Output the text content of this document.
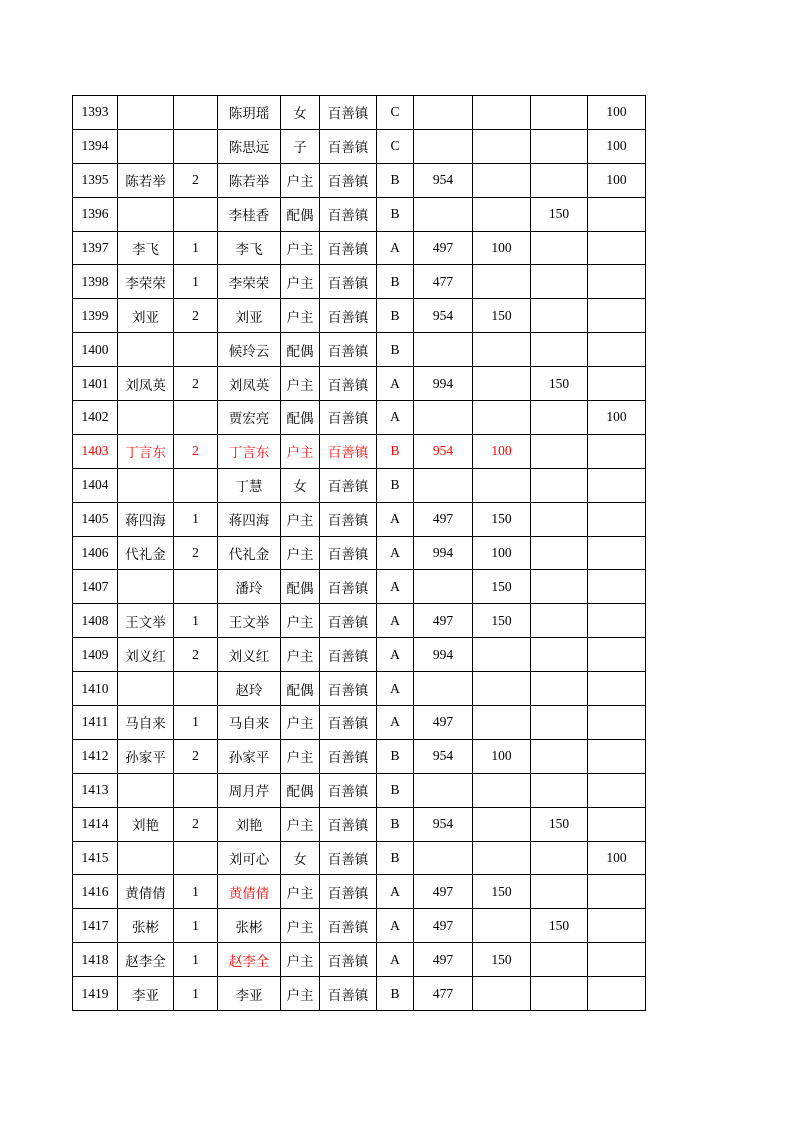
1393			陈玥瑶	女	百善镇	C				100
1394			陈思远	子	百善镇	C				100
1395	陈若举	2	陈若举	户主	百善镇	B	954			100
1396			李桂香	配偶	百善镇	B			150	
1397	李飞	1	李飞	户主	百善镇	A	497	100		
1398	李荣荣	1	李荣荣	户主	百善镇	B	477			
1399	刘亚	2	刘亚	户主	百善镇	B	954	150		
1400			候玲云	配偶	百善镇	B				
1401	刘凤英	2	刘凤英	户主	百善镇	A	994		150	
1402			贾宏亮	配偶	百善镇	A				100
1403	丁言东	2	丁言东	户主	百善镇	B	954	100		
1404			丁慧	女	百善镇	B				
1405	蒋四海	1	蒋四海	户主	百善镇	A	497	150		
1406	代礼金	2	代礼金	户主	百善镇	A	994	100		
1407			潘玲	配偶	百善镇	A		150		
1408	王文举	1	王文举	户主	百善镇	A	497	150		
1409	刘义红	2	刘义红	户主	百善镇	A	994			
1410			赵玲	配偶	百善镇	A				
1411	马自来	1	马自来	户主	百善镇	A	497			
1412	孙家平	2	孙家平	户主	百善镇	B	954	100		
1413			周月芹	配偶	百善镇	B				
1414	刘艳	2	刘艳	户主	百善镇	B	954		150	
1415			刘可心	女	百善镇	B				100
1416	黄倩倩	1	黄倩倩	户主	百善镇	A	497	150		
1417	张彬	1	张彬	户主	百善镇	A	497		150	
1418	赵李全	1	赵李全	户主	百善镇	A	497	150		
1419	李亚	1	李亚	户主	百善镇	B	477			
